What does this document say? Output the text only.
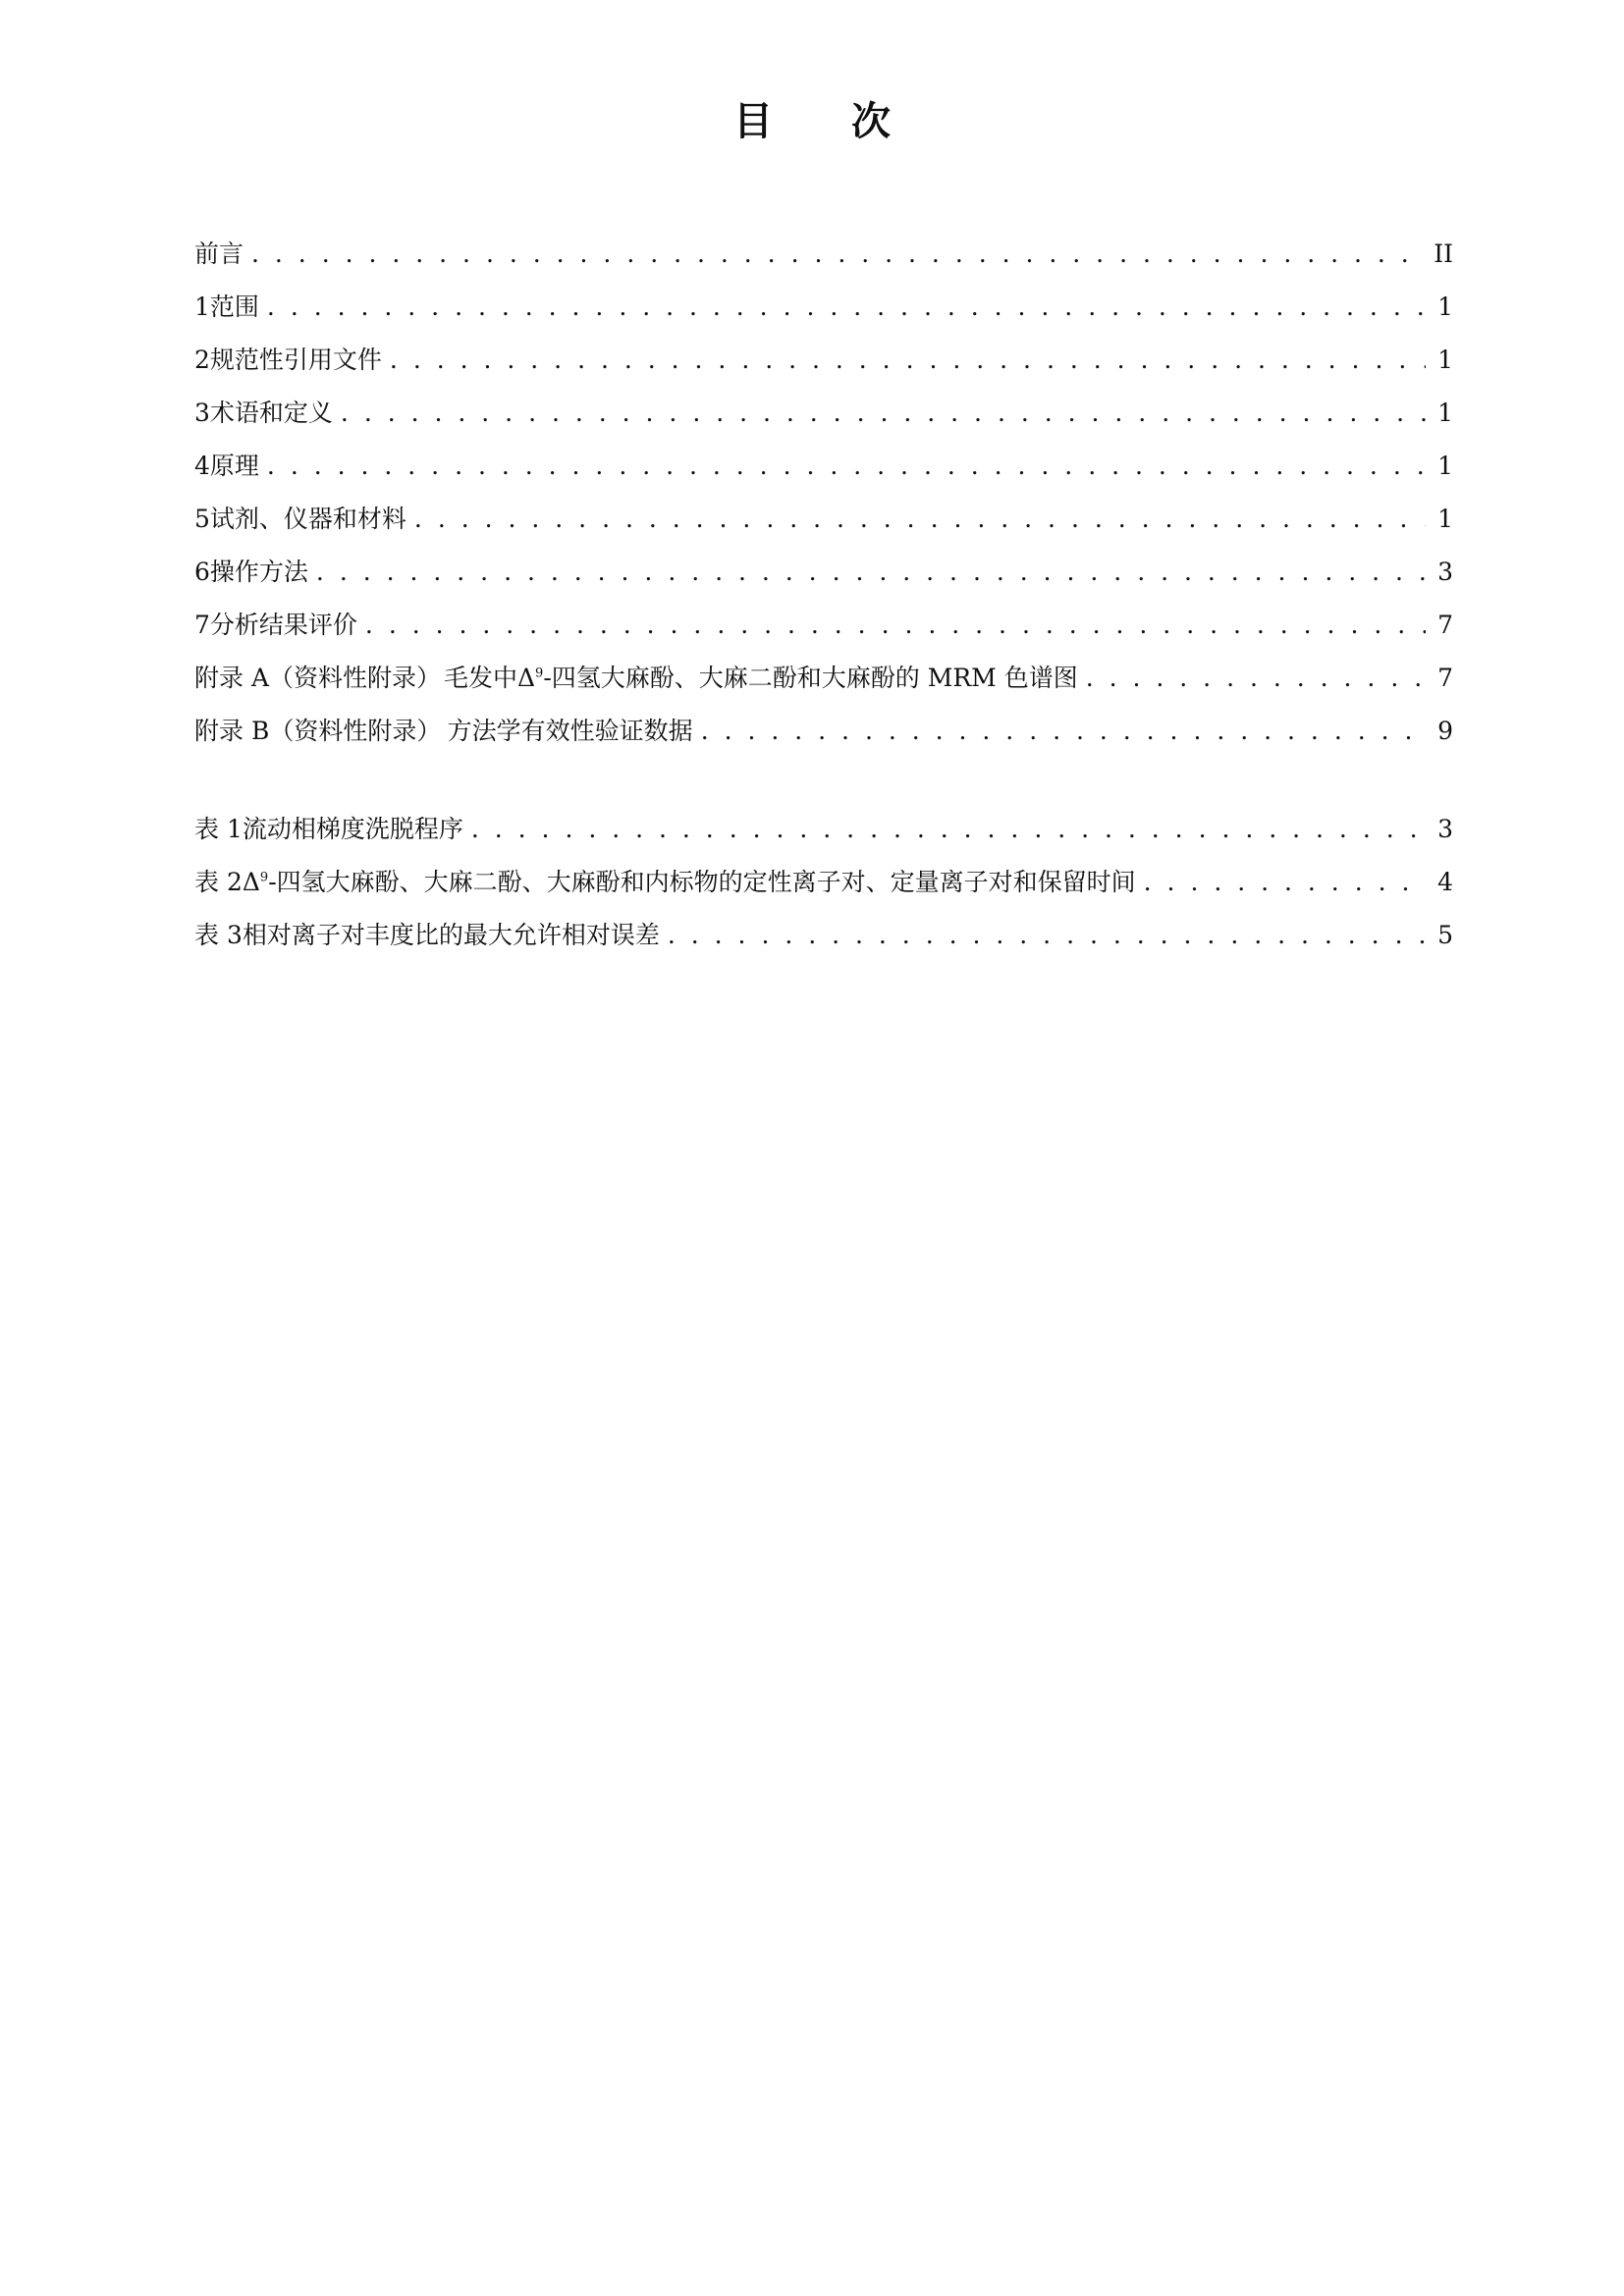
目次
前言 . . .	II
1 范围 . . .	1
2 规范性引用文件 . . .	1
3 术语和定义 . . .	1
4 原理 . . .	1
5 试剂、仪器和材料 . . .	1
6 操作方法 . . .	3
7 分析结果评价 . . .	7
附录 A（资料性附录） 毛发中$\Delta^9-$四氢大麻酚、大麻二酚和大麻酚的 MRM 色谱图 . . .	7
附录 B（资料性附录） 方法学有效性验证数据 . . .	9
表 1 流动相梯度洗脱程序 . . .	3
表 2 $\Delta^9-$四氢大麻酚、大麻二酚、大麻酚和内标物的定性离子对、定量离子对和保留时间 . . .	4
表 3 相对离子对丰度比的最大允许相对误差 . . .	5
